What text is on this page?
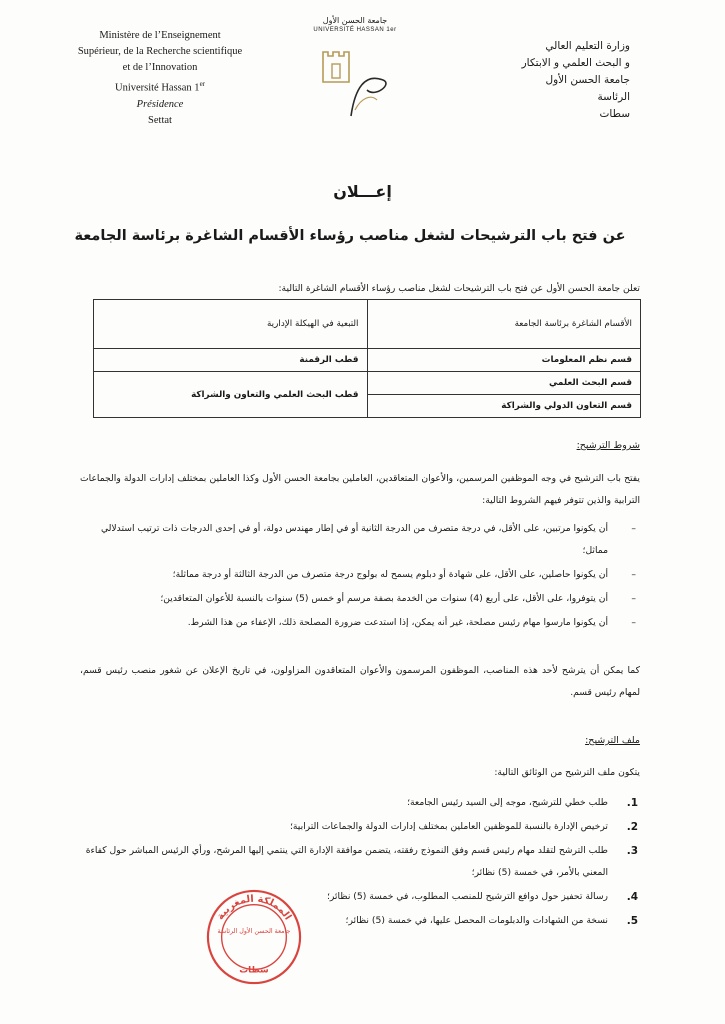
Ministère de l’Enseignement
Supérieur, de la Recherche scientifique
et de l’Innovation
Université Hassan 1er
Présidence
Settat
جامعة الحسن الأول
UNIVERSITÉ HASSAN 1er
وزارة التعليم العالي
و البحث العلمي و الابتكار
جامعة الحسن الأول
الرئاسة
سطات
إعـــلان
عن فتح باب الترشيحات لشغل مناصب رؤساء الأقسام الشاغرة برئاسة الجامعة
تعلن جامعة الحسن الأول عن فتح باب الترشيحات لشغل مناصب رؤساء الأقسام الشاغرة التالية:
الأقسام الشاغرة برئاسة الجامعة	التبعية في الهيكلة الإدارية
قسم نظم المعلومات	قطب الرقمنة
قسم البحث العلمي	قطب البحث العلمي والتعاون والشراكة
قسم التعاون الدولي والشراكة	
شروط الترشيح:
يفتح باب الترشيح في وجه الموظفين المرسمين، والأعوان المتعاقدين، العاملين بجامعة الحسن الأول وكذا العاملين بمختلف إدارات الدولة والجماعات الترابية والذين تتوفر فيهم الشروط التالية:
– أن يكونوا مرتبين، على الأقل، في درجة متصرف من الدرجة الثانية أو في إطار مهندس دولة، أو في إحدى الدرجات ذات ترتيب استدلالي مماثل؛
– أن يكونوا حاصلين، على الأقل، على شهادة أو دبلوم يسمح له بولوج درجة متصرف من الدرجة الثالثة أو درجة مماثلة؛
– أن يتوفروا، على الأقل، على أربع (4) سنوات من الخدمة بصفة مرسم أو خمس (5) سنوات بالنسبة للأعوان المتعاقدين؛
– أن يكونوا مارسوا مهام رئيس مصلحة، غير أنه يمكن، إذا استدعت ضرورة المصلحة ذلك، الإعفاء من هذا الشرط.
كما يمكن أن يترشح لأحد هذه المناصب، الموظفون المرسمون والأعوان المتعاقدون المزاولون، في تاريخ الإعلان عن شغور منصب رئيس قسم، لمهام رئيس قسم.
ملف الترشيح:
يتكون ملف الترشيح من الوثائق التالية:
1.
طلب خطي للترشيح، موجه إلى السيد رئيس الجامعة؛
2.
ترخيص الإدارة بالنسبة للموظفين العاملين بمختلف إدارات الدولة والجماعات الترابية؛
3.
طلب الترشح لتقلد مهام رئيس قسم وفق النموذج رفقته، يتضمن موافقة الإدارة التي ينتمي إليها المرشح، ورأي الرئيس المباشر حول كفاءة المعني بالأمر، في خمسة (5) نظائر؛
4.
رسالة تحفيز حول دوافع الترشيح للمنصب المطلوب، في خمسة (5) نظائر؛
5.
نسخة من الشهادات والدبلومات المحصل عليها، في خمسة (5) نظائر؛
المملكة المغربية
جامعة الحسن الأول الرئاسة
سطات
